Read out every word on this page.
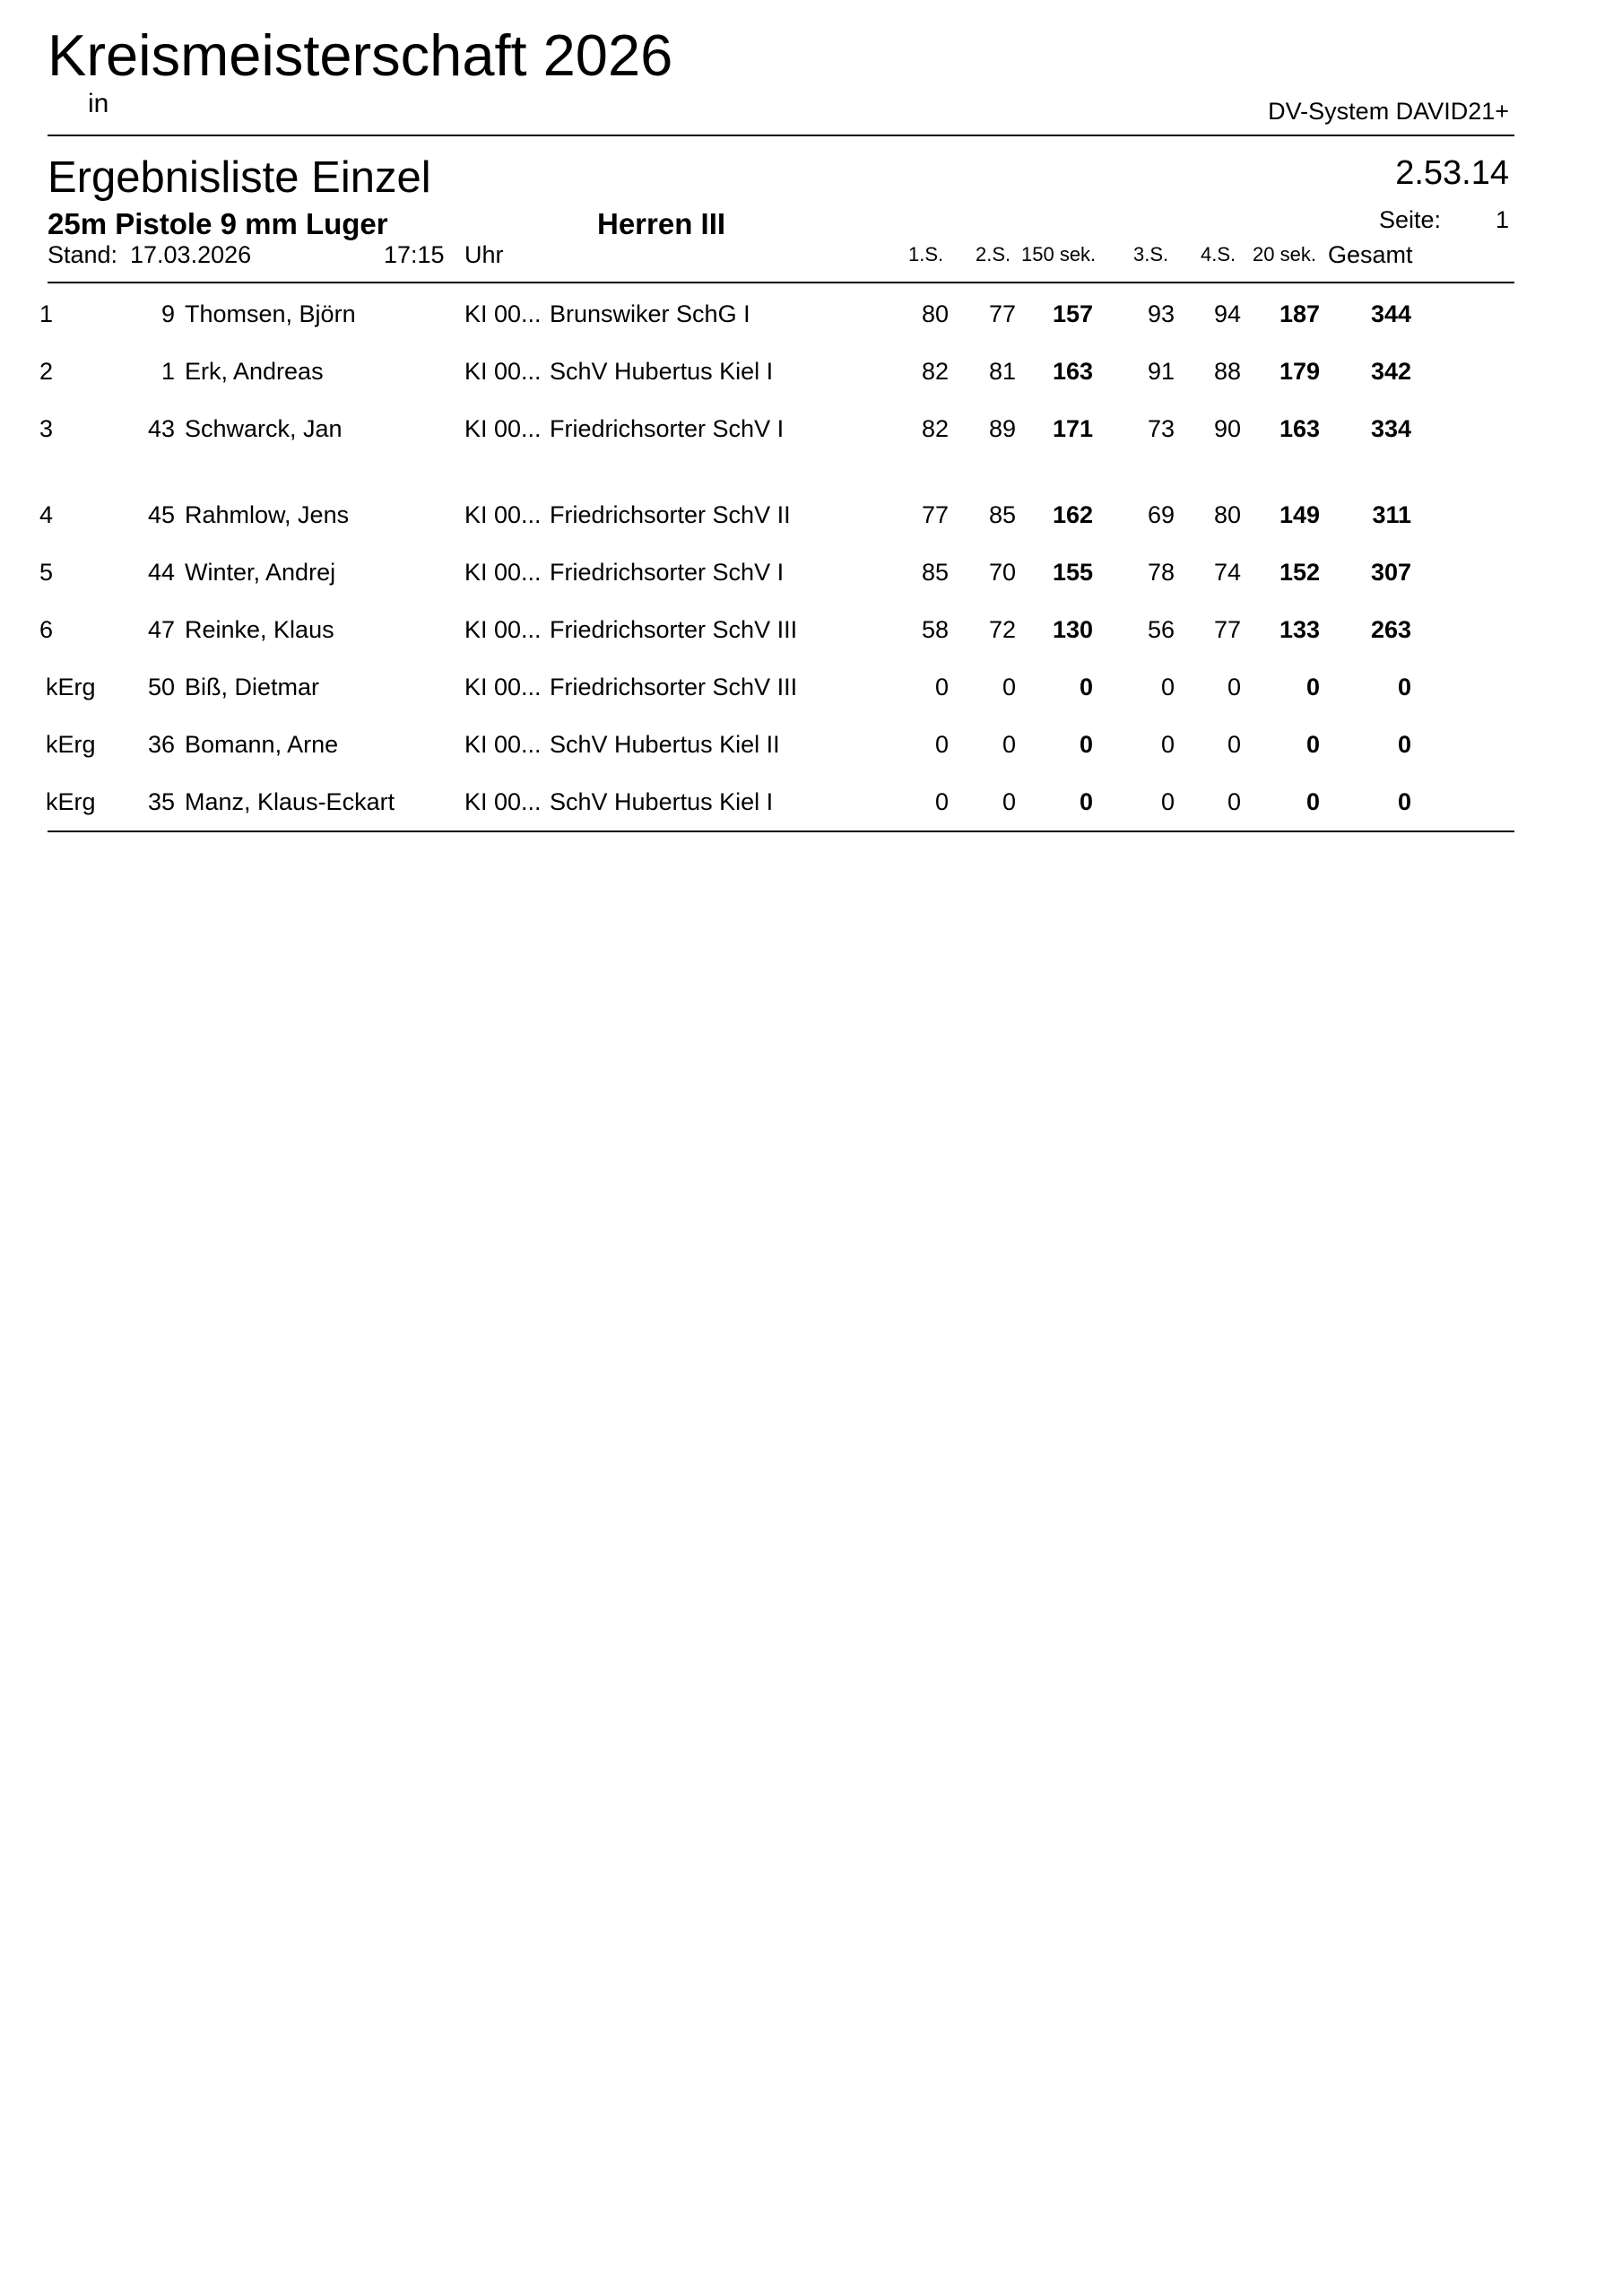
Kreismeisterschaft 2026
in	DV-System DAVID21+
Ergebnisliste Einzel	2.53.14
25m Pistole 9 mm Luger	Herren III	Seite: 1
Stand: 17.03.2026	17:15 Uhr	1.S. 2.S. 150 sek. 3.S. 4.S. 20 sek. Gesamt
1	9 Thomsen, Björn	KI 00... Brunswiker SchG I	80 77 157 93 94 187 344
2	1 Erk, Andreas	KI 00... SchV Hubertus Kiel I	82 81 163 91 88 179 342
3	43 Schwarck, Jan	KI 00... Friedrichsorter SchV I	82 89 171 73 90 163 334
4	45 Rahmlow, Jens	KI 00... Friedrichsorter SchV II	77 85 162 69 80 149 311
5	44 Winter, Andrej	KI 00... Friedrichsorter SchV I	85 70 155 78 74 152 307
6	47 Reinke, Klaus	KI 00... Friedrichsorter SchV III	58 72 130 56 77 133 263
kErg 50 Biß, Dietmar	KI 00... Friedrichsorter SchV III	0 0	0	0 0	0	0
kErg 36 Bomann, Arne	KI 00... SchV Hubertus Kiel II	0 0	0	0 0	0	0
kErg 35 Manz, Klaus-Eckart	KI 00... SchV Hubertus Kiel I	0 0	0	0 0	0	0
